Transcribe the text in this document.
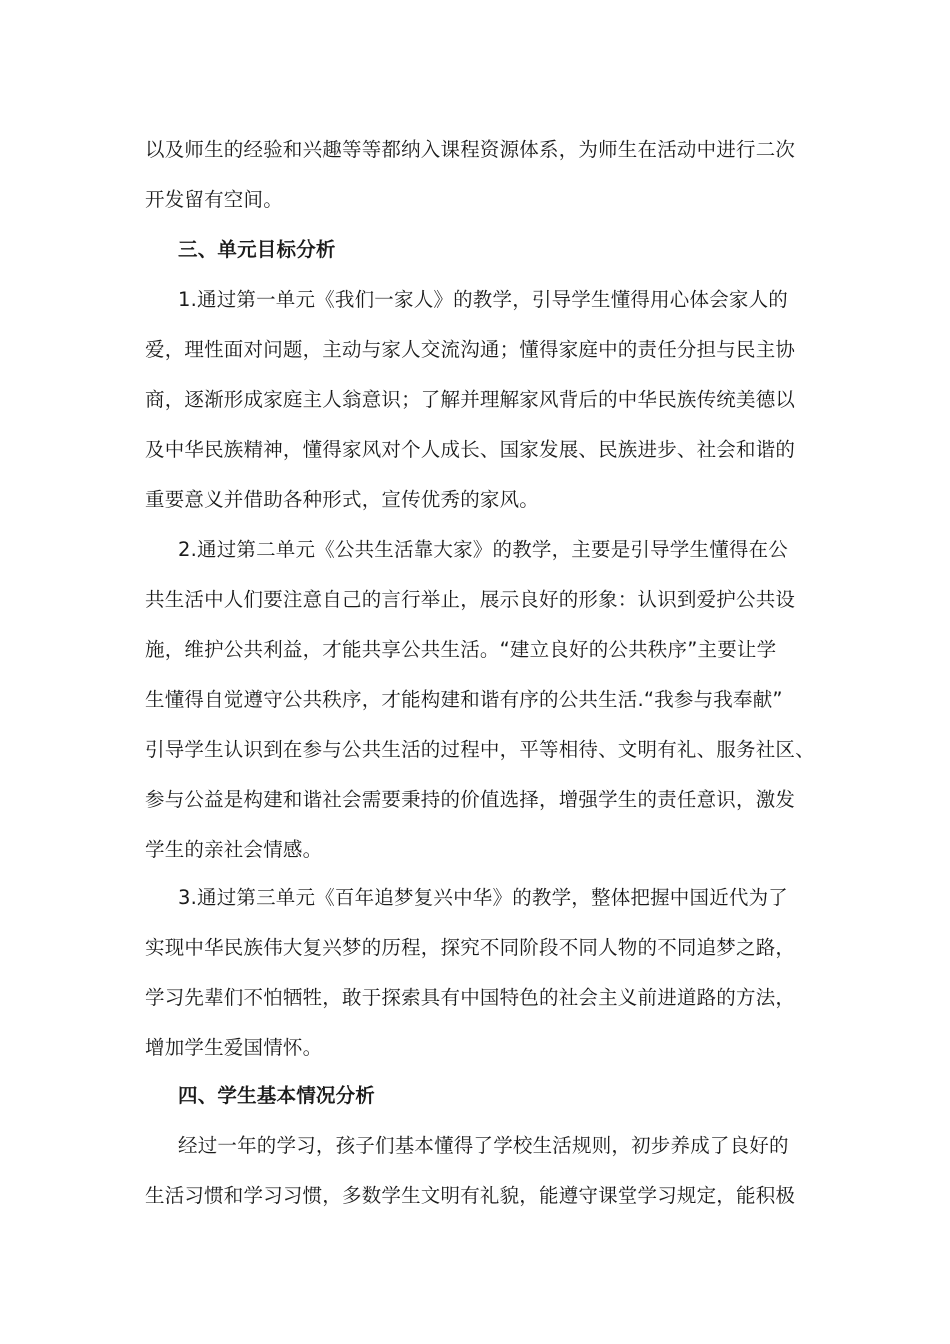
以及师生的经验和兴趣等等都纳入课程资源体系，为师生在活动中进行二次
开发留有空间。
三、单元目标分析
1.通过第一单元《我们一家人》的教学，引导学生懂得用心体会家人的
爱，理性面对问题，主动与家人交流沟通；懂得家庭中的责任分担与民主协
商，逐渐形成家庭主人翁意识；了解并理解家风背后的中华民族传统美德以
及中华民族精神，懂得家风对个人成长、国家发展、民族进步、社会和谐的
重要意义并借助各种形式，宣传优秀的家风。
2.通过第二单元《公共生活靠大家》的教学，主要是引导学生懂得在公
共生活中人们要注意自己的言行举止，展示良好的形象：认识到爱护公共设
施，维护公共利益，才能共享公共生活。“建立良好的公共秩序”主要让学
生懂得自觉遵守公共秩序，才能构建和谐有序的公共生活.“我参与我奉献”
引导学生认识到在参与公共生活的过程中，平等相待、文明有礼、服务社区、
参与公益是构建和谐社会需要秉持的价值选择，增强学生的责任意识，激发
学生的亲社会情感。
3.通过第三单元《百年追梦复兴中华》的教学，整体把握中国近代为了
实现中华民族伟大复兴梦的历程，探究不同阶段不同人物的不同追梦之路，
学习先辈们不怕牺牲，敢于探索具有中国特色的社会主义前进道路的方法，
增加学生爱国情怀。
四、学生基本情况分析
经过一年的学习，孩子们基本懂得了学校生活规则，初步养成了良好的
生活习惯和学习习惯，多数学生文明有礼貌，能遵守课堂学习规定，能积极
